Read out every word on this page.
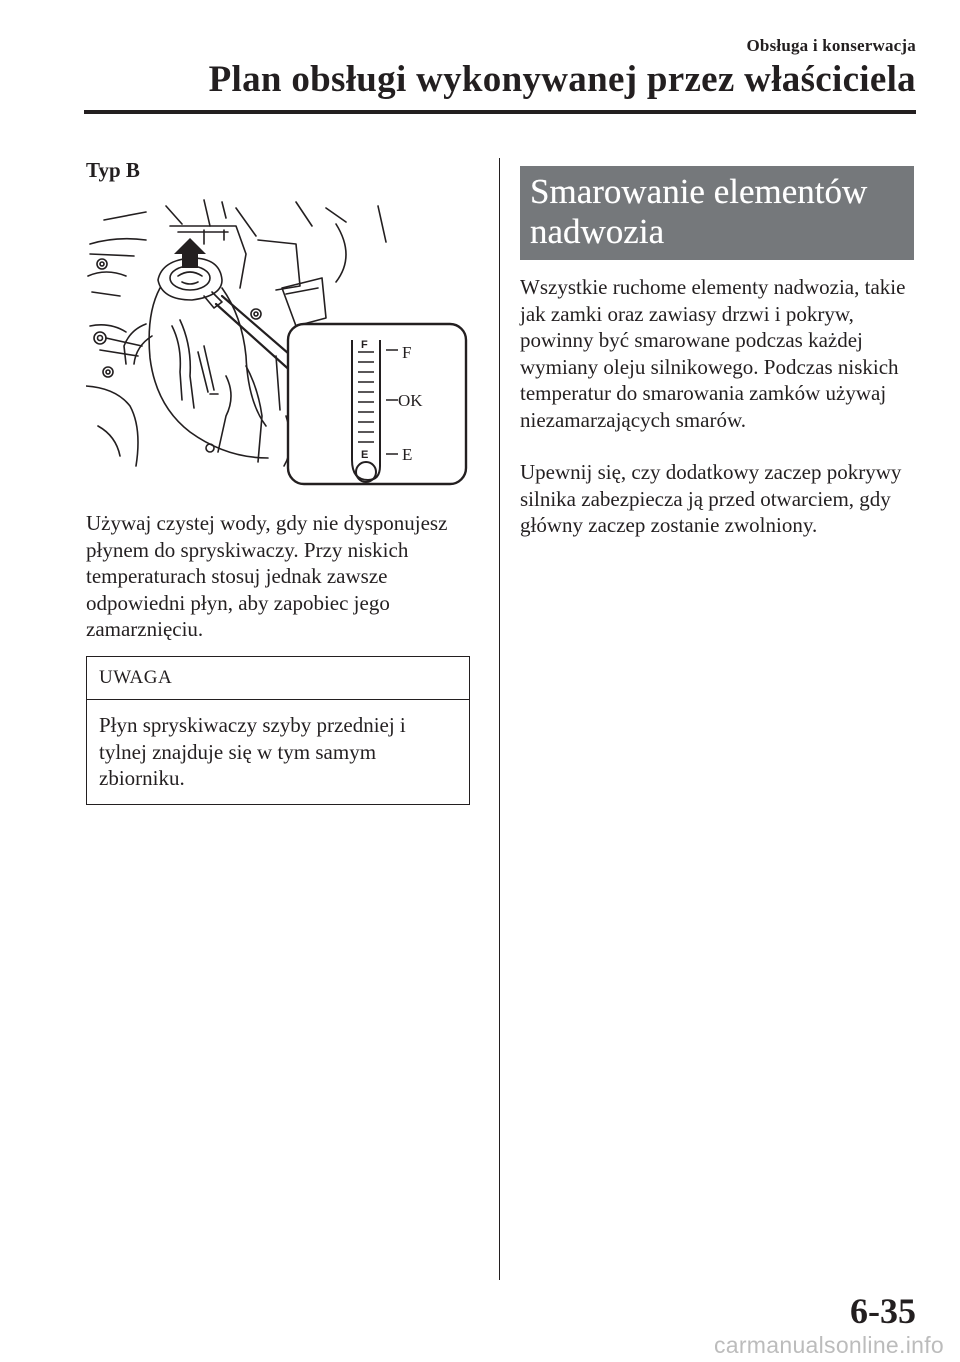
Obsługa i konserwacja
Plan obsługi wykonywanej przez właściciela
Typ B
F
E
F
OK
E

Używaj czystej wody, gdy nie dysponujesz płynem do spryskiwaczy. Przy niskich temperaturach stosuj jednak zawsze odpowiedni płyn, aby zapobiec jego zamarznięciu.

UWAGA
Płyn spryskiwaczy szyby przedniej i tylnej znajduje się w tym samym zbiorniku.
Smarowanie elementów nadwozia

Wszystkie ruchome elementy nadwozia, takie jak zamki oraz zawiasy drzwi i pokryw, powinny być smarowane podczas każdej wymiany oleju silnikowego. Podczas niskich temperatur do smarowania zamków używaj niezamarzających smarów.

Upewnij się, czy dodatkowy zaczep pokrywy silnika zabezpiecza ją przed otwarciem, gdy główny zaczep zostanie zwolniony.

6-35
carmanualsonline.info
